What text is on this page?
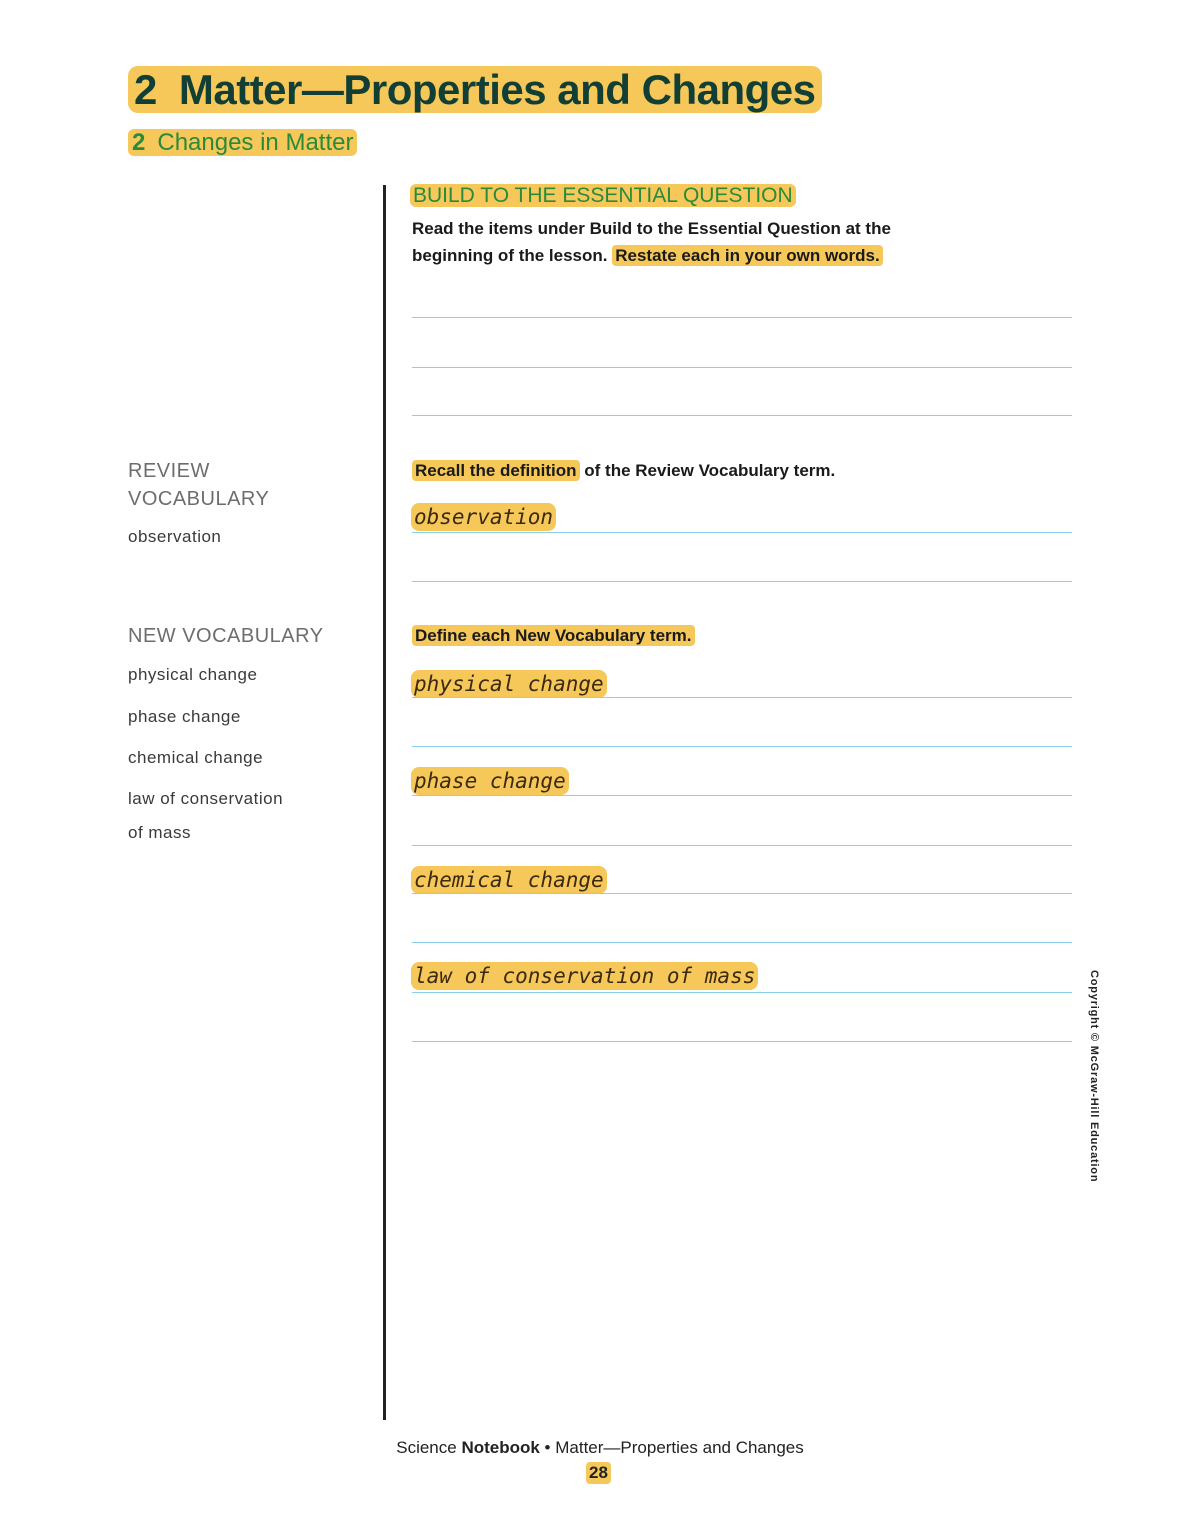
2 Matter—Properties and Changes
2 Changes in Matter
BUILD TO THE ESSENTIAL QUESTION
Read the items under Build to the Essential Question at the
beginning of the lesson. Restate each in your own words.
REVIEW
VOCABULARY
observation
Recall the definition of the Review Vocabulary term.
observation
NEW VOCABULARY
physical change
phase change
chemical change
law of conservation
of mass
Define each New Vocabulary term.
physical change
phase change
chemical change
law of conservation of mass	Copyright © McGraw-Hill Education
Science Notebook • Matter—Properties and Changes
28
